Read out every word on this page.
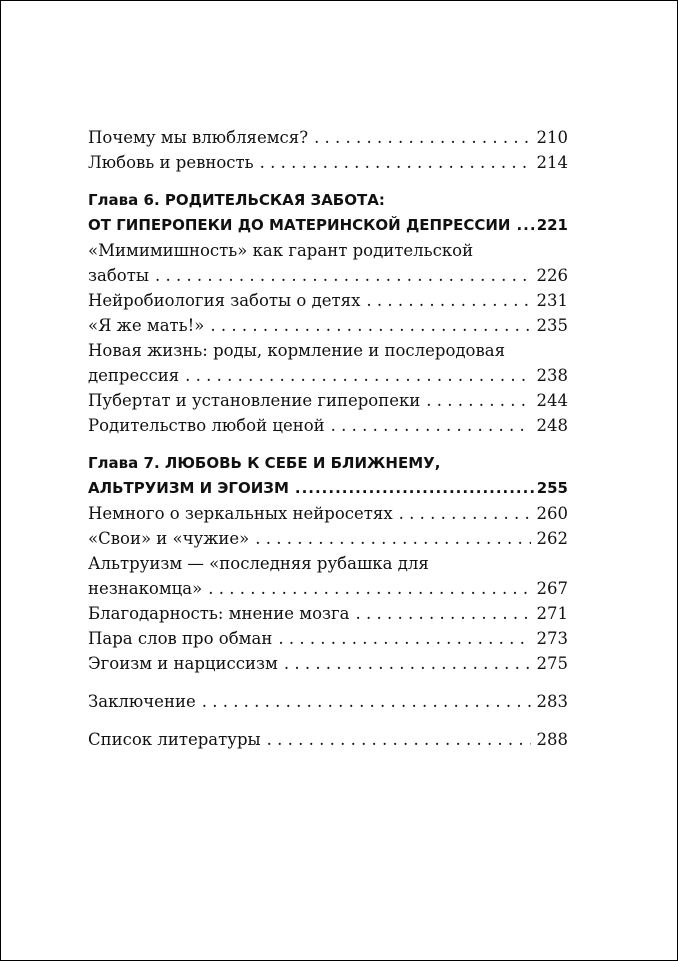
Почему мы влюбляемся? . . .	210
Любовь и ревность . . .	214
Глава 6. РОДИТЕЛЬСКАЯ ЗАБОТА:
ОТ ГИПЕРОПЕКИ ДО МАТЕРИНСКОЙ ДЕПРЕССИИ ..... 221
«Мимимишность» как гарант родительской
заботы . . .	226
Нейробиология заботы о детях . . .	231
«Я же мать!» . . .	235
Новая жизнь: роды, кормление и послеродовая
депрессия . . .	238
Пубертат и установление гиперопеки . . .	244
Родительство любой ценой . . .	248
Глава 7. ЛЮБОВЬ К СЕБЕ И БЛИЖНЕМУ,
АЛЬТРУИЗМ И ЭГОИЗМ .....	255
Немного о зеркальных нейросетях . . .	260
«Свои» и «чужие» . . .	262
Альтруизм — «последняя рубашка для
незнакомца» . . .	267
Благодарность: мнение мозга . . .	271
Пара слов про обман . . .	273
Эгоизм и нарциссизм . . .	275
Заключение . . .	283
Список литературы . . .	288
